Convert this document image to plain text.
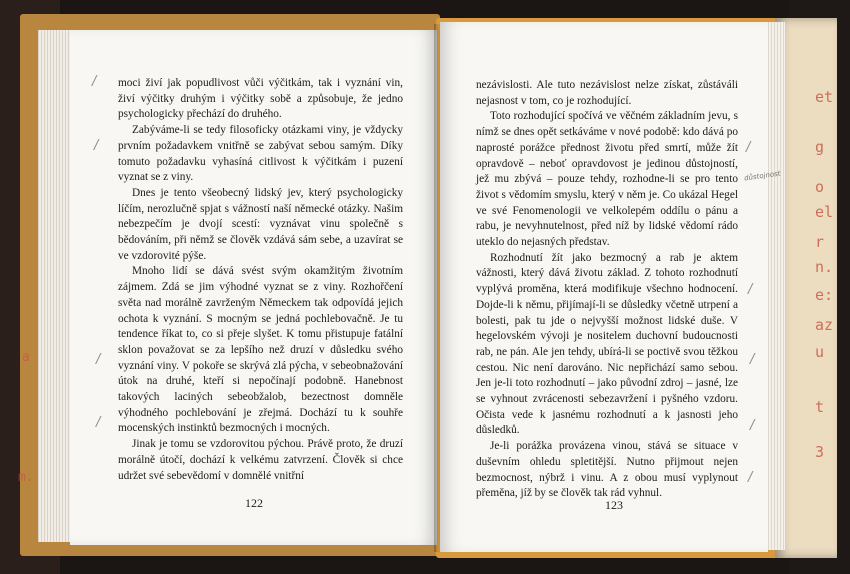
et
g
o
el
r
n.
e:
az
u
t
3
a
m.

moci živí jak popudlivost vůči výčitkám, tak i vyznání vin, živí výčitky druhým i výčitky sobě a způsobuje, že jedno psychologicky přechází do druhého.

Zabýváme-li se tedy filosoficky otázkami viny, je vždycky prvním požadavkem vnitřně se zabývat sebou samým. Díky tomuto požadavku vyhasíná citlivost k výčitkám i puzení vyznat se z viny.

Dnes je tento všeobecný lidský jev, který psychologicky líčím, nerozlučně spjat s vážností naší německé otázky. Našim nebezpečím je dvojí scestí: vyznávat vinu společně s bědováním, při němž se člověk vzdává sám sebe, a uzavírat se ve vzdorovité pýše.

Mnoho lidí se dává svést svým okamžitým životním zájmem. Zdá se jim výhodné vyznat se z viny. Rozhořčení světa nad morálně zavrženým Německem tak odpovídá jejich ochota k vyznání. S mocným se jedná pochlebovačně. Je tu tendence říkat to, co si přeje slyšet. K tomu přistupuje fatální sklon považovat se za lepšího než druzí v důsledku svého vyznání viny. V pokoře se skrývá zlá pýcha, v sebeobnažování útok na druhé, kteří si nepočínají podobně. Hanebnost takových laciných sebeobžalob, bezectnost domněle výhodného pochlebování je zřejmá. Dochází tu k souhře mocenských instinktů bezmocných i mocných.

Jinak je tomu se vzdorovitou pýchou. Právě proto, že druzí morálně útočí, dochází k velkému zatvrzení. Člověk si chce udržet své sebevědomí v domnělé vnitřní

122
/
/
/
/

nezávislosti. Ale tuto nezávislost nelze získat, zůstáváli nejasnost v tom, co je rozhodující.

Toto rozhodující spočívá ve věčném základním jevu, s nímž se dnes opět setkáváme v nové podobě: kdo dává po naprosté porážce přednost životu před smrtí, může žít opravdově – neboť opravdovost je jedinou důstojností, jež mu zbývá – pouze tehdy, rozhodne-li se pro tento život s vědomím smyslu, který v něm je. Co ukázal Hegel ve své Fenomenologii ve velkolepém oddílu o pánu a rabu, je nevyhnutelnost, před níž by lidské vědomí rádo uteklo do nejasných představ.

Rozhodnutí žít jako bezmocný a rab je aktem vážnosti, který dává životu základ. Z tohoto rozhodnutí vyplývá proměna, která modifikuje všechno hodnocení. Dojde-li k němu, přijímají-li se důsledky včetně utrpení a bolesti, pak tu jde o nejvyšší možnost lidské duše. V hegelovském vývoji je nositelem duchovní budoucnosti rab, ne pán. Ale jen tehdy, ubírá-li se poctivě svou těžkou cestou. Nic není darováno. Nic nepřichází samo sebou. Jen je-li toto rozhodnutí – jako původní zdroj – jasné, lze se vyhnout zvrácenosti sebezavržení i pyšného vzdoru. Očista vede k jasnému rozhodnutí a k jasnosti jeho důsledků.

Je-li porážka provázena vinou, stává se situace v duševním ohledu spletitější. Nutno přijmout nejen bezmocnost, nýbrž i vinu. A z obou musí vyplynout přeměna, jíž by se člověk tak rád vyhnul.

123
/
důstojnost
/
/
/
/
